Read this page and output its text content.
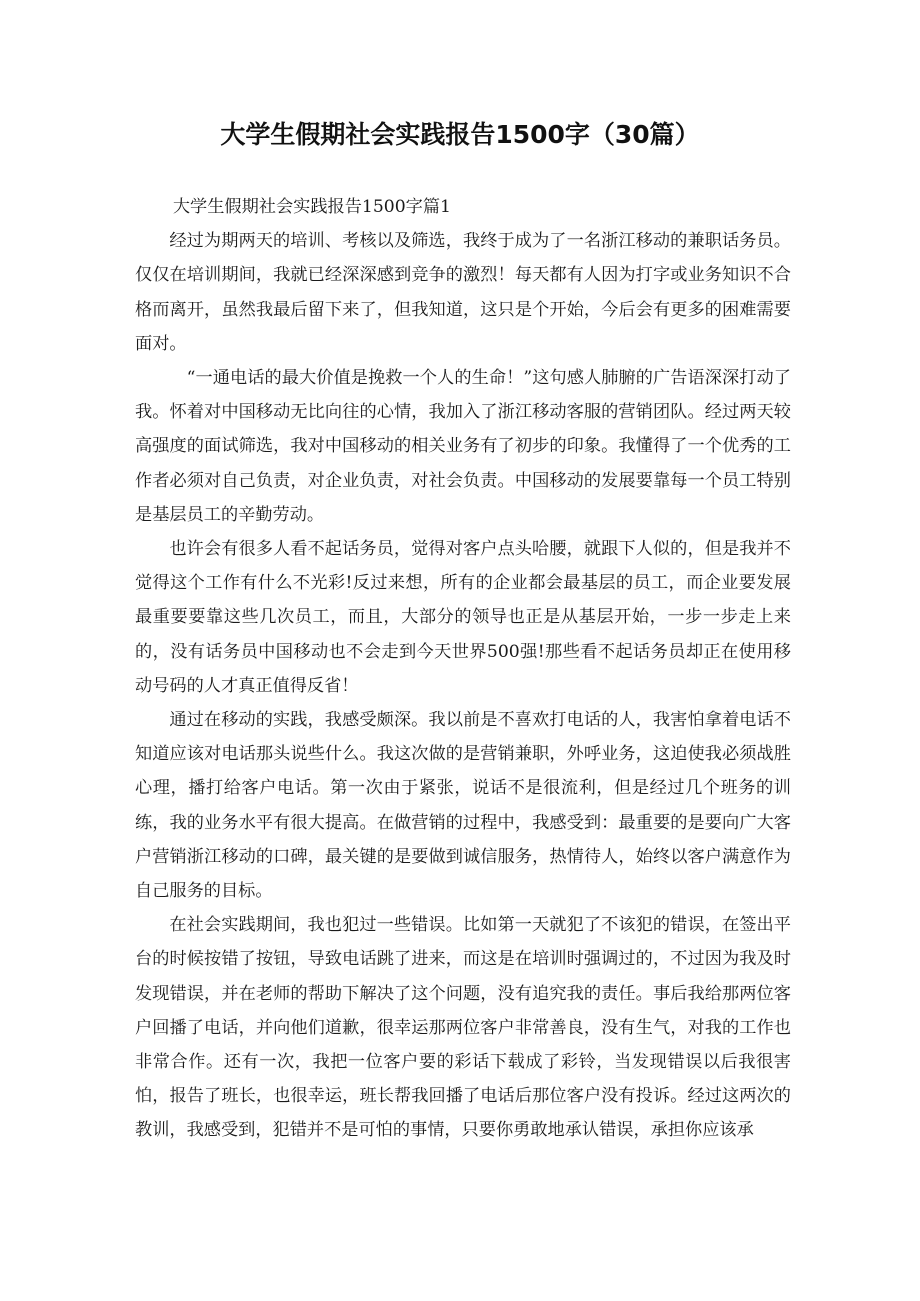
大学生假期社会实践报告1500字（30篇）

大学生假期社会实践报告1500字篇1

经过为期两天的培训、考核以及筛选，我终于成为了一名浙江移动的兼职话务员。仅仅在培训期间，我就已经深深感到竞争的激烈！每天都有人因为打字或业务知识不合格而离开，虽然我最后留下来了，但我知道，这只是个开始，今后会有更多的困难需要面对。

“一通电话的最大价值是挽救一个人的生命！”这句感人肺腑的广告语深深打动了我。怀着对中国移动无比向往的心情，我加入了浙江移动客服的营销团队。经过两天较高强度的面试筛选，我对中国移动的相关业务有了初步的印象。我懂得了一个优秀的工作者必须对自己负责，对企业负责，对社会负责。中国移动的发展要靠每一个员工特别是基层员工的辛勤劳动。

也许会有很多人看不起话务员，觉得对客户点头哈腰，就跟下人似的，但是我并不觉得这个工作有什么不光彩!反过来想，所有的企业都会最基层的员工，而企业要发展最重要要靠这些几次员工，而且，大部分的领导也正是从基层开始，一步一步走上来的，没有话务员中国移动也不会走到今天世界500强!那些看不起话务员却正在使用移动号码的人才真正值得反省！

通过在移动的实践，我感受颇深。我以前是不喜欢打电话的人，我害怕拿着电话不知道应该对电话那头说些什么。我这次做的是营销兼职，外呼业务，这迫使我必须战胜心理，播打给客户电话。第一次由于紧张，说话不是很流利，但是经过几个班务的训练，我的业务水平有很大提高。在做营销的过程中，我感受到：最重要的是要向广大客户营销浙江移动的口碑，最关键的是要做到诚信服务，热情待人，始终以客户满意作为自己服务的目标。

在社会实践期间，我也犯过一些错误。比如第一天就犯了不该犯的错误，在签出平台的时候按错了按钮，导致电话跳了进来，而这是在培训时强调过的，不过因为我及时发现错误，并在老师的帮助下解决了这个问题，没有追究我的责任。事后我给那两位客户回播了电话，并向他们道歉，很幸运那两位客户非常善良，没有生气，对我的工作也非常合作。还有一次，我把一位客户要的彩话下载成了彩铃，当发现错误以后我很害怕，报告了班长，也很幸运，班长帮我回播了电话后那位客户没有投诉。经过这两次的教训，我感受到，犯错并不是可怕的事情，只要你勇敢地承认错误，承担你应该承
